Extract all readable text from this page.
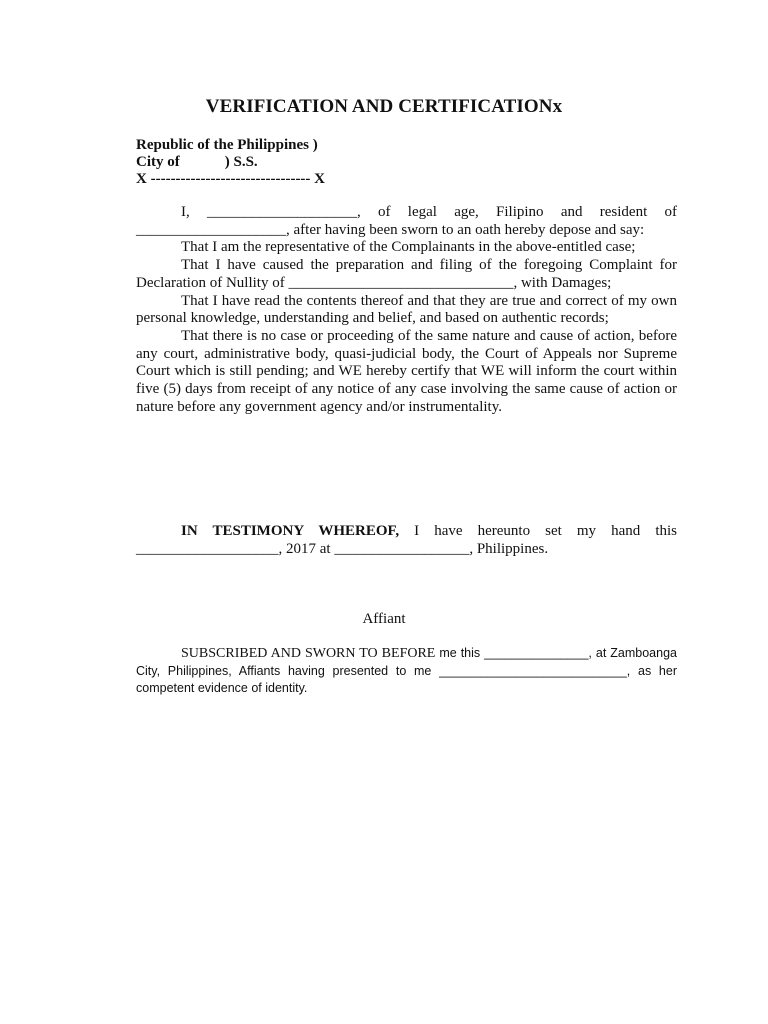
VERIFICATION AND CERTIFICATIONx
Republic of the Philippines )
City of            ) S.S.
X -------------------------------- X

I, ____________________, of legal age, Filipino and resident of ____________________, after having been sworn to an oath hereby depose and say:

That I am the representative of the Complainants in the above-entitled case;

That I have caused the preparation and filing of the foregoing Complaint for Declaration of Nullity of ______________________________, with Damages;

That I have read the contents thereof and that they are true and correct of my own personal knowledge, understanding and belief, and based on authentic records;

That there is no case or proceeding of the same nature and cause of action, before any court, administrative body, quasi-judicial body, the Court of Appeals nor Supreme Court which is still pending; and WE hereby certify that WE will inform the court within five (5) days from receipt of any notice of any case involving the same cause of action or nature before any government agency and/or instrumentality.

IN TESTIMONY WHEREOF, I have hereunto set my hand this ___________________, 2017 at __________________, Philippines.

Affiant

SUBSCRIBED AND SWORN TO BEFORE me this _______________, at Zamboanga City, Philippines, Affiants having presented to me ___________________________, as her competent evidence of identity.
